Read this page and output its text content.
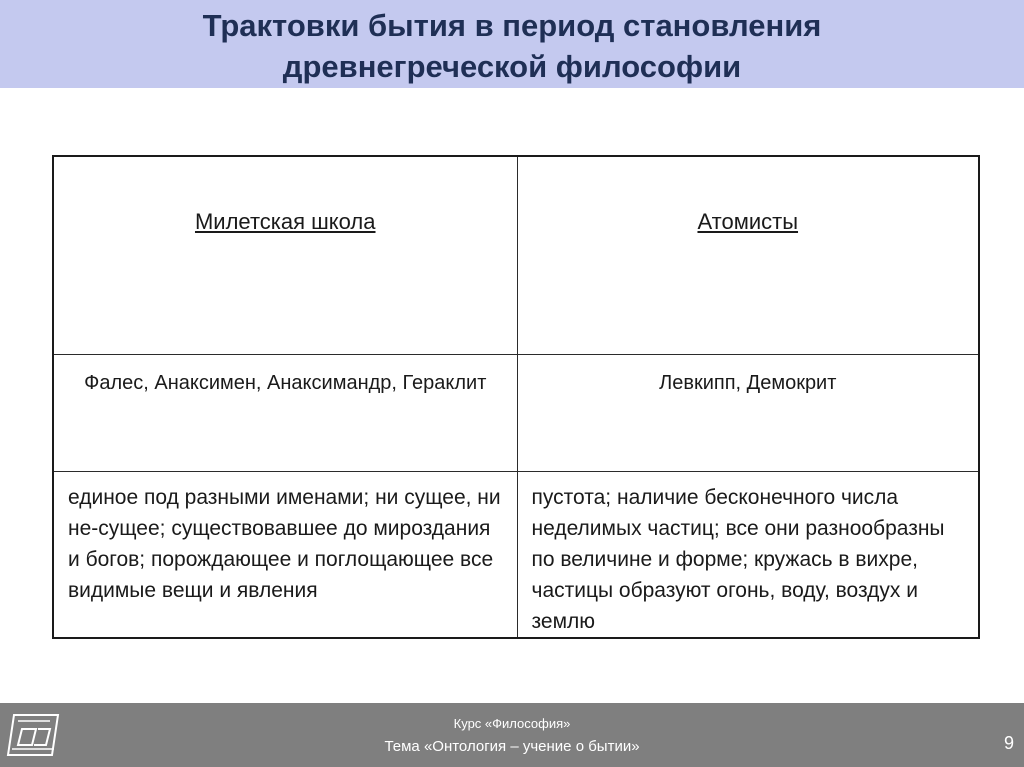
Трактовки бытия в период становления
древнегреческой философии
Милетская школа	Атомисты
Фалес, Анаксимен, Анаксимандр, Гераклит	Левкипп, Демокрит
единое под разными именами; ни сущее, ни не-сущее; существовавшее до мироздания и богов; порождающее и поглощающее все видимые вещи и явления	пустота; наличие бесконечного числа неделимых частиц; все они разнообразны по величине и форме; кружась в вихре, частицы образуют огонь, воду, воздух и землю
Курс «Философия»
Тема «Онтология – учение о бытии»	9
